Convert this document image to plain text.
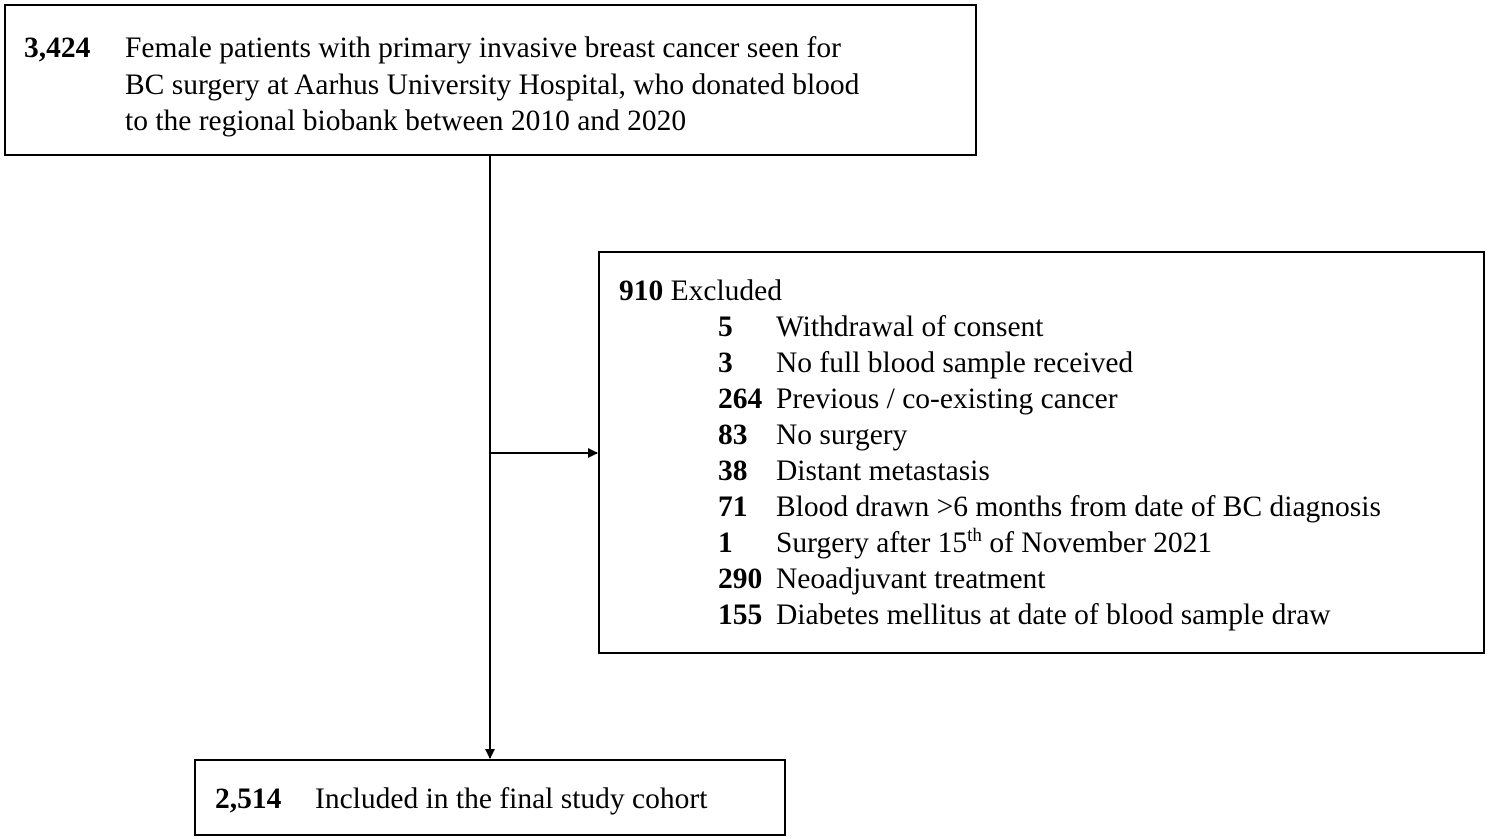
3,424 Female patients with primary invasive breast cancer seen for
BC surgery at Aarhus University Hospital, who donated blood
to the regional biobank between 2010 and 2020
910 Excluded
5 Withdrawal of consent
3 No full blood sample received
264 Previous / co-existing cancer
83 No surgery
38 Distant metastasis
71 Blood drawn >6 months from date of BC diagnosis
1 Surgery after 15th of November 2021
290 Neoadjuvant treatment
155 Diabetes mellitus at date of blood sample draw
2,514 Included in the final study cohort
